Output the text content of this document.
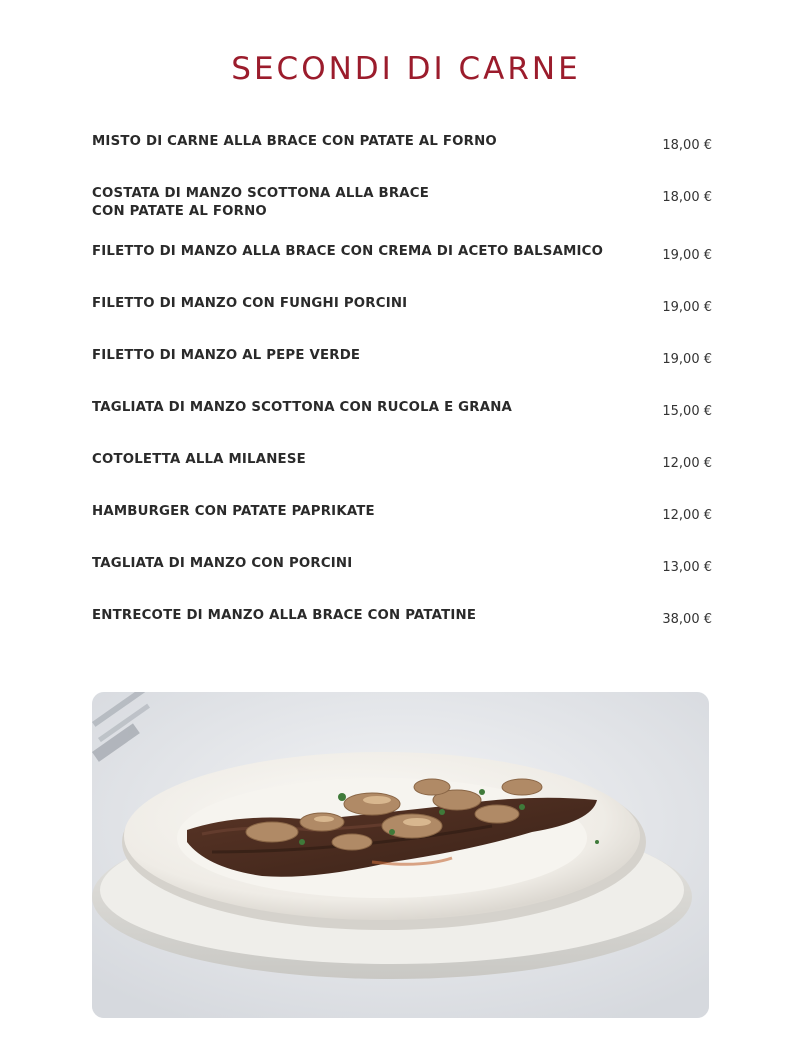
SECONDI DI CARNE
MISTO DI CARNE ALLA BRACE CON PATATE AL FORNO	18,00 €
COSTATA DI MANZO SCOTTONA ALLA BRACE
CON PATATE AL FORNO
18,00 €
FILETTO DI MANZO ALLA BRACE CON CREMA DI ACETO BALSAMICO	19,00 €
FILETTO DI MANZO CON FUNGHI PORCINI	19,00 €
FILETTO DI MANZO AL PEPE VERDE	19,00 €
TAGLIATA DI MANZO SCOTTONA CON RUCOLA E GRANA	15,00 €
COTOLETTA ALLA MILANESE	12,00 €
HAMBURGER CON PATATE PAPRIKATE	12,00 €
TAGLIATA DI MANZO CON PORCINI	13,00 €
ENTRECOTE DI MANZO ALLA BRACE CON PATATINE	38,00 €
